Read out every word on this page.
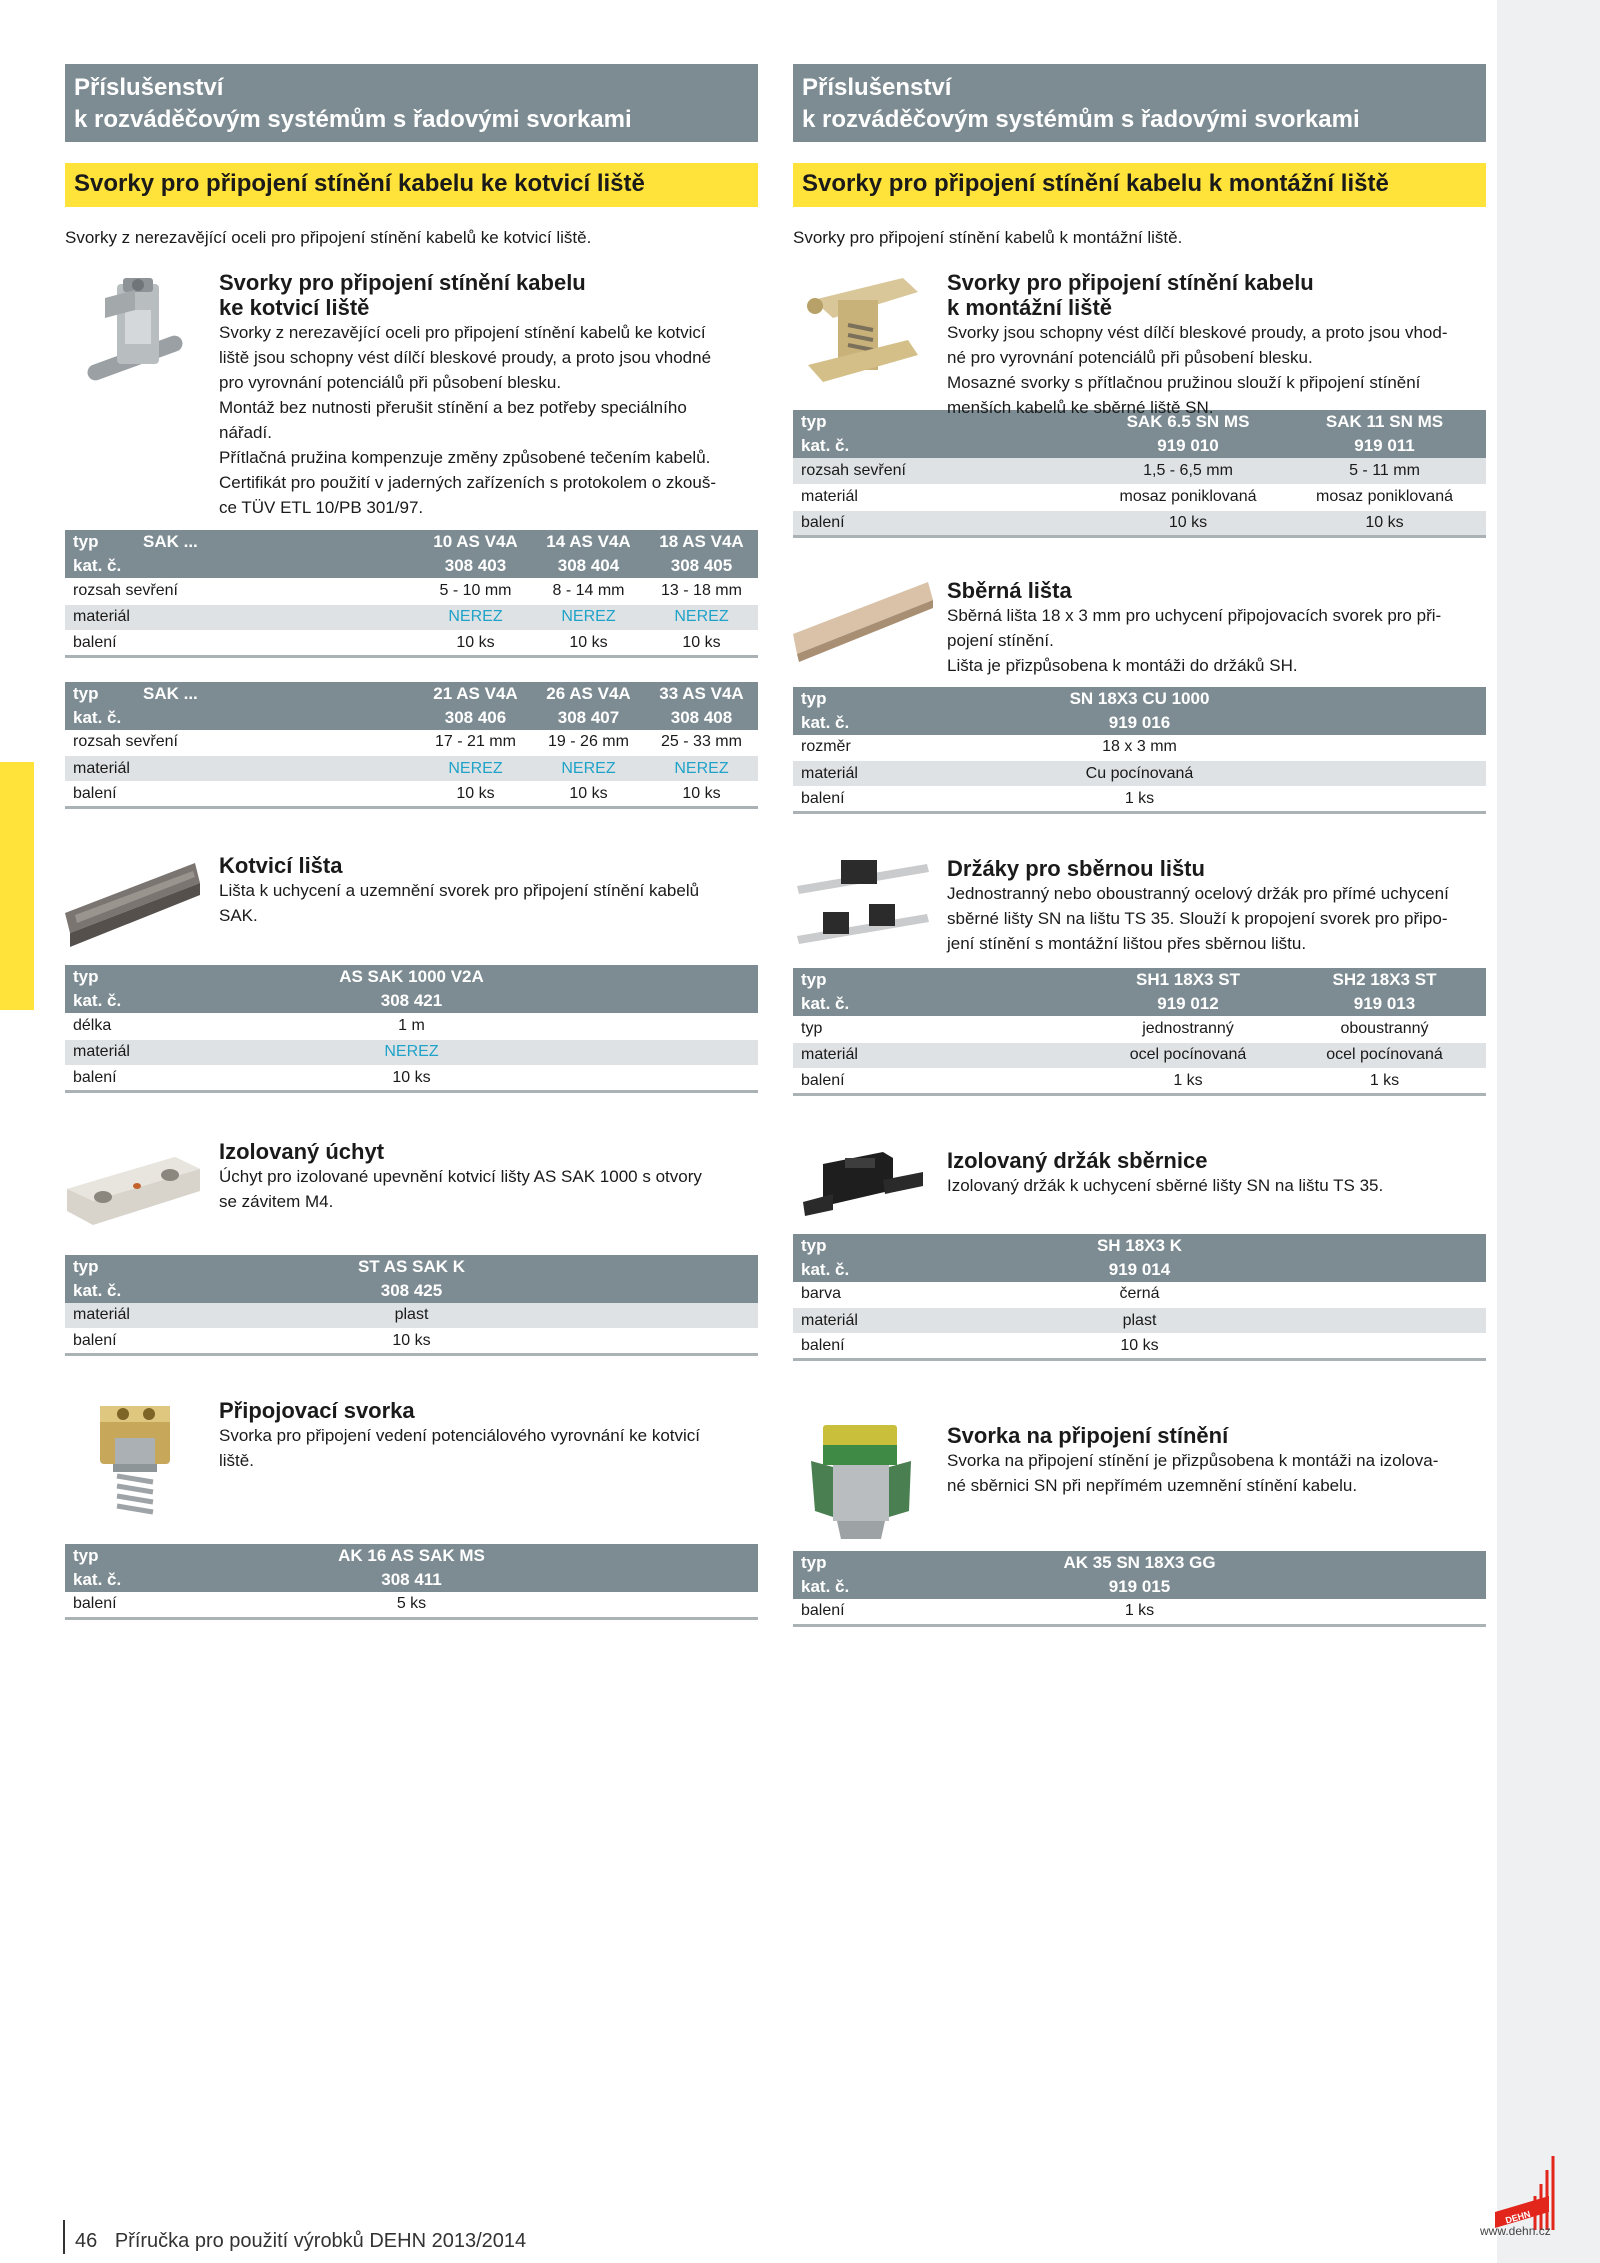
Příslušenství
k rozváděčovým systémům s řadovými svorkami
Svorky pro připojení stínění kabelu ke kotvicí liště
Svorky z nerezavějící oceli pro připojení stínění kabelů ke kotvicí liště.
Svorky pro připojení stínění kabelu
ke kotvicí liště
Svorky z nerezavějící oceli pro připojení stínění kabelů ke kotvicí
liště jsou schopny vést dílčí bleskové proudy, a proto jsou vhodné
pro vyrovnání potenciálů při působení blesku.
Montáž bez nutnosti přerušit stínění a bez potřeby speciálního
nářadí.
Přítlačná pružina kompenzuje změny způsobené tečením kabelů.
Certifikát pro použití v jaderných zařízeních s protokolem o zkouš-
ce TÜV ETL 10/PB 301/97.
typ	SAK ...	10 AS V4A	14 AS V4A	18 AS V4A
kat. č.		308 403	308 404	308 405
rozsah sevření		5 - 10 mm	8 - 14 mm	13 - 18 mm
materiál		NEREZ	NEREZ	NEREZ
balení		10 ks	10 ks	10 ks
typ	SAK ...	21 AS V4A	26 AS V4A	33 AS V4A
kat. č.		308 406	308 407	308 408
rozsah sevření		17 - 21 mm	19 - 26 mm	25 - 33 mm
materiál		NEREZ	NEREZ	NEREZ
balení		10 ks	10 ks	10 ks
Kotvicí lišta
Lišta k uchycení a uzemnění svorek pro připojení stínění kabelů
SAK.
typ	AS SAK 1000 V2A	
kat. č.	308 421	
délka	1 m	
materiál	NEREZ	
balení	10 ks	
Izolovaný úchyt
Úchyt pro izolované upevnění kotvicí lišty AS SAK 1000 s otvory
se závitem M4.
typ	ST AS SAK K	
kat. č.	308 425	
materiál	plast	
balení	10 ks	
Připojovací svorka
Svorka pro připojení vedení potenciálového vyrovnání ke kotvicí
liště.
typ	AK 16 AS SAK MS	
kat. č.	308 411	
balení	5 ks	
Příslušenství
k rozváděčovým systémům s řadovými svorkami
Svorky pro připojení stínění kabelu k montážní liště
Svorky pro připojení stínění kabelů k montážní liště.
Svorky pro připojení stínění kabelu
k montážní liště
Svorky jsou schopny vést dílčí bleskové proudy, a proto jsou vhod-
né pro vyrovnání potenciálů při působení blesku.
Mosazné svorky s přítlačnou pružinou slouží k připojení stínění
menších kabelů ke sběrné liště SN.
typ	SAK 6.5 SN MS	SAK 11 SN MS
kat. č.	919 010	919 011
rozsah sevření	1,5 - 6,5 mm	5 - 11 mm
materiál	mosaz poniklovaná	mosaz poniklovaná
balení	10 ks	10 ks
Sběrná lišta
Sběrná lišta 18 x 3 mm pro uchycení připojovacích svorek pro při-
pojení stínění.
Lišta je přizpůsobena k montáži do držáků SH.
typ	SN 18X3 CU 1000	
kat. č.	919 016	
rozměr	18 x 3 mm	
materiál	Cu pocínovaná	
balení	1 ks	
Držáky pro sběrnou lištu
Jednostranný nebo oboustranný ocelový držák pro přímé uchycení
sběrné lišty SN na lištu TS 35. Slouží k propojení svorek pro připo-
jení stínění s montážní lištou přes sběrnou lištu.
typ	SH1 18X3 ST	SH2 18X3 ST
kat. č.	919 012	919 013
typ	jednostranný	oboustranný
materiál	ocel pocínovaná	ocel pocínovaná
balení	1 ks	1 ks
Izolovaný držák sběrnice
Izolovaný držák k uchycení sběrné lišty SN na lištu TS 35.
typ	SH 18X3 K	
kat. č.	919 014	
barva	černá	
materiál	plast	
balení	10 ks	
Svorka na připojení stínění
Svorka na připojení stínění je přizpůsobena k montáži na izolova-
né sběrnici SN při nepřímém uzemnění stínění kabelu.
typ	AK 35 SN 18X3 GG	
kat. č.	919 015	
balení	1 ks	
46 Příručka pro použití výrobků DEHN 2013/2014
DEHN
www.dehn.cz
